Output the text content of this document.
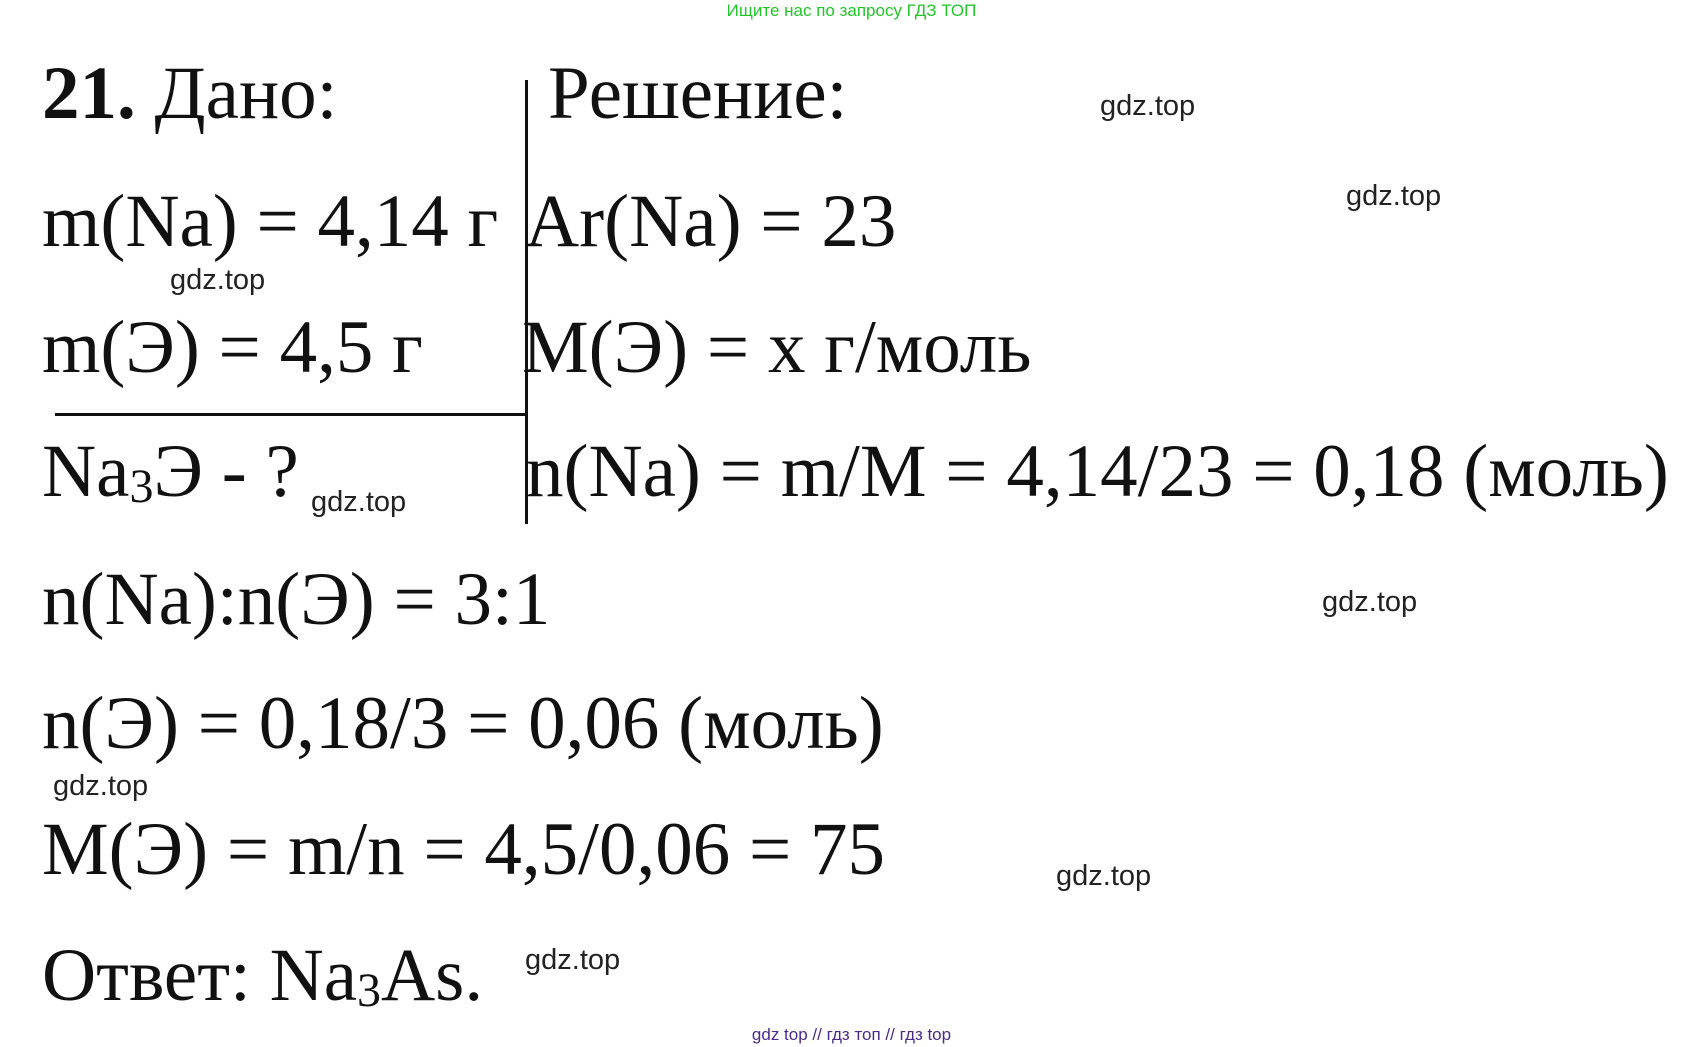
Ищите нас по запросу ГДЗ ТОП
21. Дано:	Решение:
m(Na) = 4,14 г Ar(Na) = 23
m(Э) = 4,5 г M(Э) = x г/моль
Na3Э - ?	n(Na) = m/M = 4,14/23 = 0,18 (моль)
n(Na):n(Э) = 3:1
n(Э) = 0,18/3 = 0,06 (моль)
M(Э) = m/n = 4,5/0,06 = 75
Ответ: Na3As.
gdz.top
gdz.top
gdz.top
gdz.top
gdz.top
gdz.top
gdz.top
gdz.top
gdz top // гдз топ // гдз top
